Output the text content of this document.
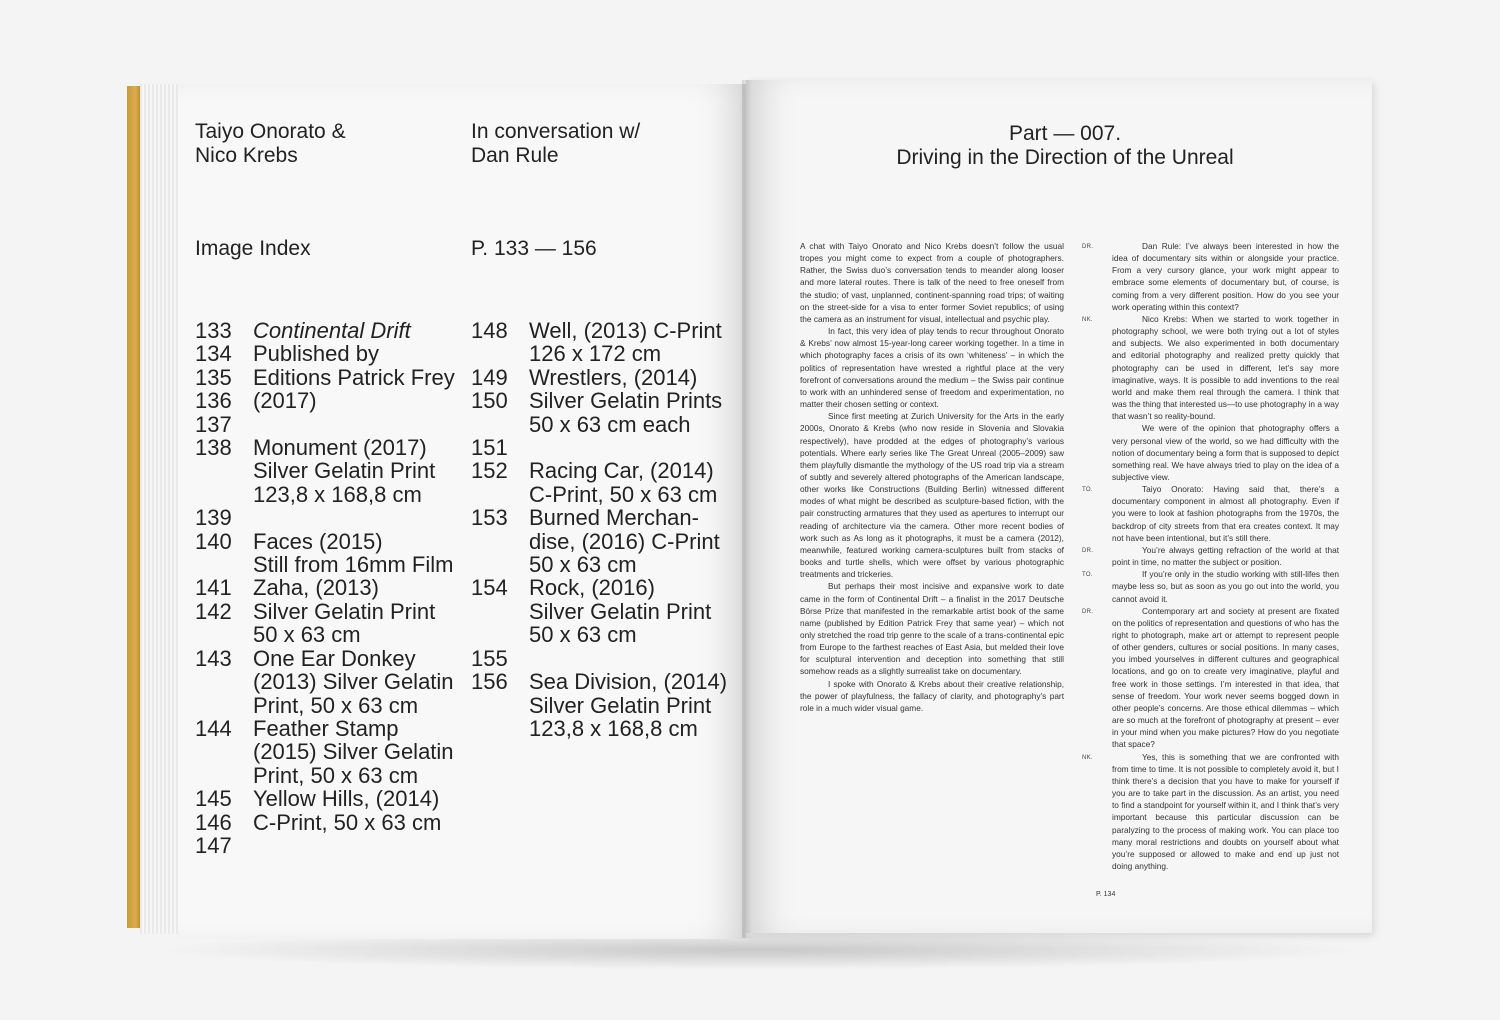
Taiyo Onorato &
Nico Krebs
In conversation w/
Dan Rule
Image Index	P. 133 — 156
133 Continental Drift
134 Published by
135 Editions Patrick Frey
136 (2017)
137
138 Monument (2017)
Silver Gelatin Print
123,8 x 168,8 cm
139
140 Faces (2015)
Still from 16mm Film
141 Zaha, (2013)
142 Silver Gelatin Print
50 x 63 cm
143 One Ear Donkey
(2013) Silver Gelatin
Print, 50 x 63 cm
144 Feather Stamp
(2015) Silver Gelatin
Print, 50 x 63 cm
145 Yellow Hills, (2014)
146 C-Print, 50 x 63 cm
147
148 Well, (2013) C-Print
126 x 172 cm
149 Wrestlers, (2014)
150 Silver Gelatin Prints
50 x 63 cm each
151
152 Racing Car, (2014)
C-Print, 50 x 63 cm
153 Burned Merchan-
dise, (2016) C-Print
50 x 63 cm
154 Rock, (2016)
Silver Gelatin Print
50 x 63 cm
155
156 Sea Division, (2014)
Silver Gelatin Print
123,8 x 168,8 cm
Part — 007.
Driving in the Direction of the Unreal

A chat with Taiyo Onorato and Nico Krebs doesn’t follow the usual tropes you might come to expect from a couple of photographers. Rather, the Swiss duo’s conversation tends to meander along looser and more lateral routes. There is talk of the need to free oneself from the studio; of vast, unplanned, continent-spanning road trips; of waiting on the street-side for a visa to enter former Soviet republics; of using the camera as an instrument for visual, intellectual and psychic play.

In fact, this very idea of play tends to recur throughout Onorato & Krebs’ now almost 15-year-long career working together. In a time in which photography faces a crisis of its own ‘whiteness’ – in which the politics of representation have wrested a rightful place at the very forefront of conversations around the medium – the Swiss pair continue to work with an unhindered sense of freedom and experimentation, no matter their chosen setting or context.

Since first meeting at Zurich University for the Arts in the early 2000s, Onorato & Krebs (who now reside in Slovenia and Slovakia respectively), have prodded at the edges of photography’s various potentials. Where early series like The Great Unreal (2005–2009) saw them playfully dismantle the mythology of the US road trip via a stream of subtly and severely altered photographs of the American landscape, other works like Constructions (Building Berlin) witnessed different modes of what might be described as sculpture-based fiction, with the pair constructing armatures that they used as apertures to interrupt our reading of architecture via the camera. Other more recent bodies of work such as As long as it photographs, it must be a camera (2012), meanwhile, featured working camera-sculptures built from stacks of books and turtle shells, which were offset by various photographic treatments and trickeries.

But perhaps their most incisive and expansive work to date came in the form of Continental Drift – a finalist in the 2017 Deutsche Börse Prize that manifested in the remarkable artist book of the same name (published by Edition Patrick Frey that same year) – which not only stretched the road trip genre to the scale of a trans-continental epic from Europe to the farthest reaches of East Asia, but melded their love for sculptural intervention and deception into something that still somehow reads as a slightly surrealist take on documentary.

I spoke with Onorato & Krebs about their creative relationship, the power of playfulness, the fallacy of clarity, and photography’s part role in a much wider visual game.

DR.	Dan Rule: I’ve always been interested in how the idea of documentary sits within or alongside your practice. From a very cursory glance, your work might appear to embrace some elements of documentary but, of course, is coming from a very different position. How do you see your work operating within this context?
NK.	Nico Krebs: When we started to work together in photography school, we were both trying out a lot of styles and subjects. We also experimented in both documentary and editorial photography and realized pretty quickly that photography can be used in different, let’s say more imaginative, ways. It is possible to add inventions to the real world and make them real through the camera. I think that was the thing that interested us—to use photography in a way that wasn’t so reality-bound.
We were of the opinion that photography offers a very personal view of the world, so we had difficulty with the notion of documentary being a form that is supposed to depict something real. We have always tried to play on the idea of a subjective view.
TO.	Taiyo Onorato: Having said that, there’s a documentary component in almost all photography. Even if you were to look at fashion photographs from the 1970s, the backdrop of city streets from that era creates context. It may not have been intentional, but it’s still there.
DR.	You’re always getting refraction of the world at that point in time, no matter the subject or position.
TO.	If you’re only in the studio working with still-lifes then maybe less so, but as soon as you go out into the world, you cannot avoid it.
DR.	Contemporary art and society at present are fixated on the politics of representation and questions of who has the right to photograph, make art or attempt to represent people of other genders, cultures or social positions. In many cases, you imbed yourselves in different cultures and geographical locations, and go on to create very imaginative, playful and free work in those settings. I’m interested in that idea, that sense of freedom. Your work never seems bogged down in other people’s concerns. Are those ethical dilemmas – which are so much at the forefront of photography at present – ever in your mind when you make pictures? How do you negotiate that space?
NK.	Yes, this is something that we are confronted with from time to time. It is not possible to completely avoid it, but I think there’s a decision that you have to make for yourself if you are to take part in the discussion. As an artist, you need to find a standpoint for yourself within it, and I think that’s very important because this particular discussion can be paralyzing to the process of making work. You can place too many moral restrictions and doubts on yourself about what you’re supposed or allowed to make and end up just not doing anything.
P. 134
